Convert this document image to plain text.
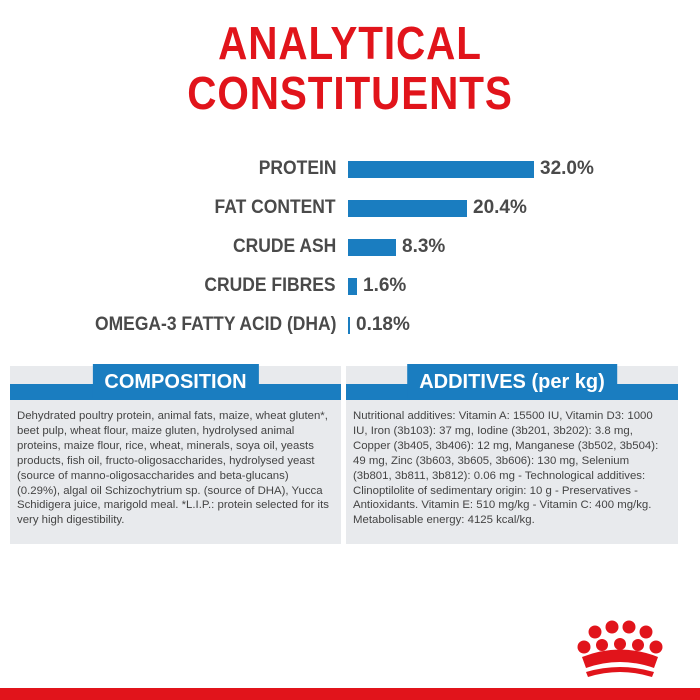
ANALYTICAL
CONSTITUENTS
PROTEIN	32.0%
FAT CONTENT	20.4%
CRUDE ASH	8.3%
CRUDE FIBRES 1.6%
OMEGA-3 FATTY ACID (DHA) 0.18%
COMPOSITION
Dehydrated poultry protein, animal fats, maize, wheat gluten*, beet pulp, wheat flour, maize gluten, hydrolysed animal proteins, maize flour, rice, wheat, minerals, soya oil, yeasts products, fish oil, fructo-oligosaccharides, hydrolysed yeast (source of manno-oligosaccharides and beta-glucans) (0.29%), algal oil Schizochytrium sp. (source of DHA), Yucca Schidigera juice, marigold meal. *L.I.P.: protein selected for its very high digestibility.
ADDITIVES (per kg)
Nutritional additives: Vitamin A: 15500 IU, Vitamin D3: 1000 IU, Iron (3b103): 37 mg, Iodine (3b201, 3b202): 3.8 mg, Copper (3b405, 3b406): 12 mg, Manganese (3b502, 3b504): 49 mg, Zinc (3b603, 3b605, 3b606): 130 mg, Selenium (3b801, 3b811, 3b812): 0.06 mg - Technological additives: Clinoptilolite of sedimentary origin: 10 g - Preservatives - Antioxidants. Vitamin E: 510 mg/kg - Vitamin C: 400 mg/kg. Metabolisable energy: 4125 kcal/kg.
